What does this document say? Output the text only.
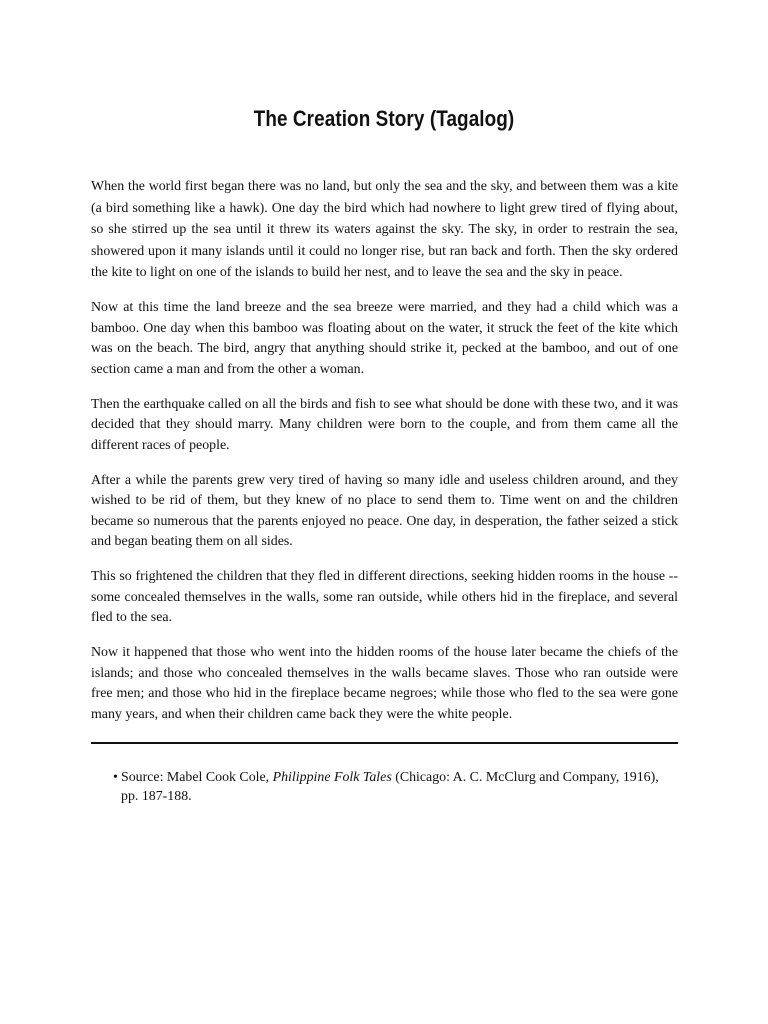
The Creation Story (Tagalog)

When the world first began there was no land, but only the sea and the sky, and between them was a kite (a bird something like a hawk). One day the bird which had nowhere to light grew tired of flying about, so she stirred up the sea until it threw its waters against the sky. The sky, in order to restrain the sea, showered upon it many islands until it could no longer rise, but ran back and forth. Then the sky ordered the kite to light on one of the islands to build her nest, and to leave the sea and the sky in peace.

Now at this time the land breeze and the sea breeze were married, and they had a child which was a bamboo. One day when this bamboo was floating about on the water, it struck the feet of the kite which was on the beach. The bird, angry that anything should strike it, pecked at the bamboo, and out of one section came a man and from the other a woman.

Then the earthquake called on all the birds and fish to see what should be done with these two, and it was decided that they should marry. Many children were born to the couple, and from them came all the different races of people.

After a while the parents grew very tired of having so many idle and useless children around, and they wished to be rid of them, but they knew of no place to send them to. Time went on and the children became so numerous that the parents enjoyed no peace. One day, in desperation, the father seized a stick and began beating them on all sides.

This so frightened the children that they fled in different directions, seeking hidden rooms in the house -- some concealed themselves in the walls, some ran outside, while others hid in the fireplace, and several fled to the sea.

Now it happened that those who went into the hidden rooms of the house later became the chiefs of the islands; and those who concealed themselves in the walls became slaves. Those who ran outside were free men; and those who hid in the fireplace became negroes; while those who fled to the sea were gone many years, and when their children came back they were the white people.

• Source: Mabel Cook Cole, Philippine Folk Tales (Chicago: A. C. McClurg and Company, 1916), pp. 187-188.
